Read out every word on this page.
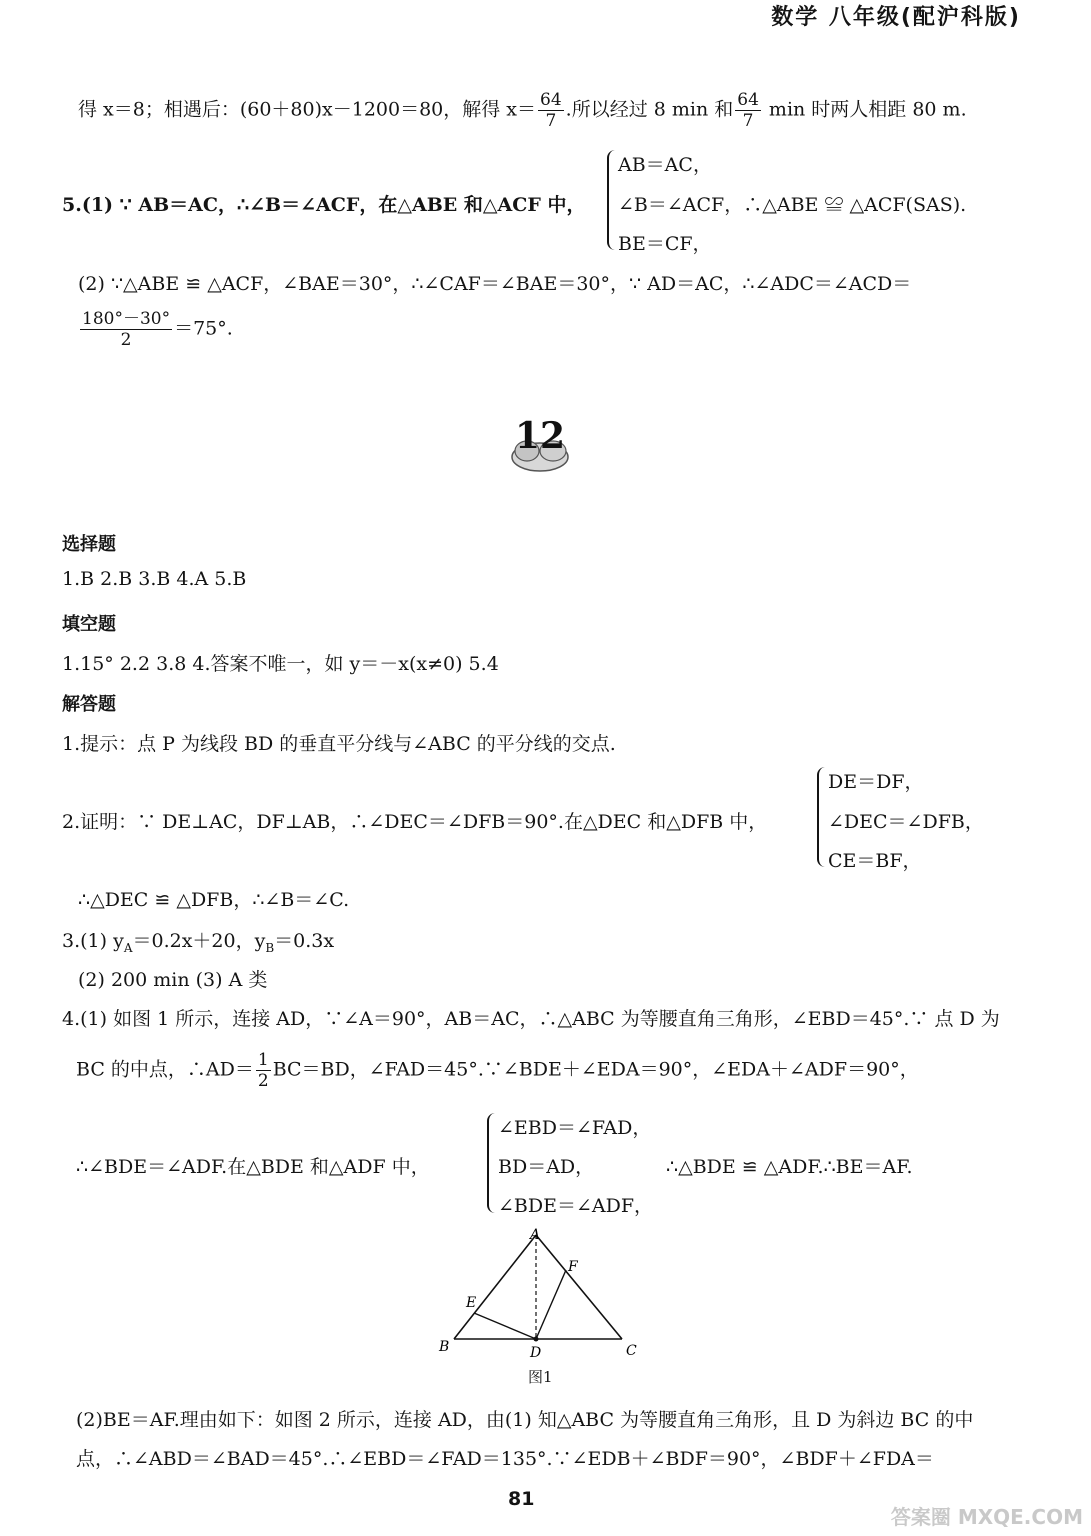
数学 八年级(配沪科版)
得 x＝8；相遇后：(60＋80)x－1200＝80，解得 $x= \frac{64}{7}$ .所以经过 8 min 和 $\frac{64}{7}$ min 时两人相距 80 m.
5.(1) ∵ AB＝AC，∴∠B＝∠ACF，在△ABE 和△ACF 中，
AB＝AC，
∠B＝∠ACF，∴△ABE ≌ △ACF(SAS).
BE＝CF，
(2) ∵△ABE ≌ △ACF，∠BAE＝30°，∴∠CAF＝∠BAE＝30°，∵ AD＝AC，∴∠ADC＝∠ACD＝
$\frac{180^\circ-30^\circ}{2} =75^\circ$.
12
选择题
1.B 2.B 3.B 4.A 5.B
填空题
1.15° 2.2 3.8 4.答案不唯一，如 y＝－x(x≠0) 5.4
解答题
1.提示：点 P 为线段 BD 的垂直平分线与∠ABC 的平分线的交点.
2.证明：∵ DE⊥AC，DF⊥AB，∴∠DEC＝∠DFB＝90°.在△DEC 和△DFB 中，
DE＝DF，
∠DEC＝∠DFB，
CE＝BF，
∴△DEC ≌ △DFB，∴∠B＝∠C.
3.(1) $y_A=0.2x+20$，$y_B=0.3x$
(2) 200 min (3) A 类
4.(1) 如图 1 所示，连接 AD，∵∠A＝90°，AB＝AC，∴△ABC 为等腰直角三角形，∠EBD＝45°.∵ 点 D 为
BC 的中点，∴AD＝ $\frac{1}{2} BC=BD$，∠FAD＝45°.∵∠BDE＋∠EDA＝90°，∠EDA＋∠ADF＝90°，
∴∠BDE＝∠ADF.在△BDE 和△ADF 中，
∠EBD＝∠FAD，
BD＝AD，
∠BDE＝∠ADF，
∴△BDE ≌ △ADF.∴BE＝AF.
A
F
E
B	D	C
图1
(2)BE＝AF.理由如下：如图 2 所示，连接 AD，由(1) 知△ABC 为等腰直角三角形，且 D 为斜边 BC 的中
点，∴∠ABD＝∠BAD＝45°.∴∠EBD＝∠FAD＝135°.∵∠EDB＋∠BDF＝90°，∠BDF＋∠FDA＝
81
答案圈 MXQE.COM
